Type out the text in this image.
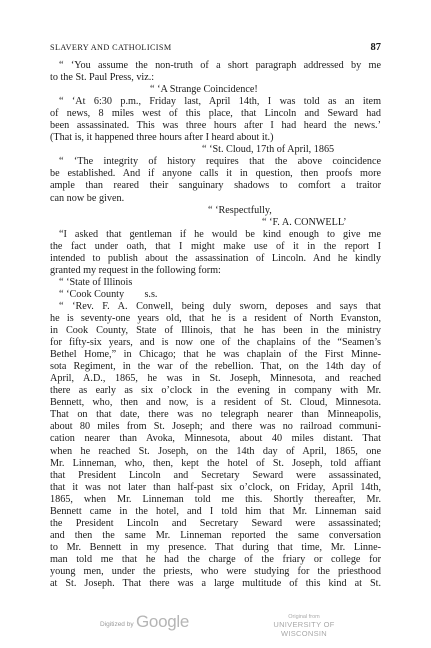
SLAVERY AND CATHOLICISM	87
“ ‘You assume the non-truth of a short paragraph addressed by me
to the St. Paul Press, viz.:
“ ‘A Strange Coincidence!
“ ‘At 6:30 p.m., Friday last, April 14th, I was told as an item
of news, 8 miles west of this place, that Lincoln and Seward had
been assassinated. This was three hours after I had heard the news.’
(That is, it happened three hours after I heard about it.)
“ ‘St. Cloud, 17th of April, 1865
“ ‘The integrity of history requires that the above coincidence
be established. And if anyone calls it in question, then proofs more
ample than reared their sanguinary shadows to comfort a traitor
can now be given.
“ ‘Respectfully,
“ ‘F. A. CONWELL’
“I asked that gentleman if he would be kind enough to give me
the fact under oath, that I might make use of it in the report I
intended to publish about the assassination of Lincoln. And he kindly
granted my request in the following form:
“ ‘State of Illinois
“ ‘Cook County        s.s.
“ ‘Rev. F. A. Conwell, being duly sworn, deposes and says that
he is seventy-one years old, that he is a resident of North Evanston,
in Cook County, State of Illinois, that he has been in the ministry
for fifty-six years, and is now one of the chaplains of the “Seamen’s
Bethel Home,” in Chicago; that he was chaplain of the First Minne-
sota Regiment, in the war of the rebellion. That, on the 14th day of
April, A.D., 1865, he was in St. Joseph, Minnesota, and reached
there as early as six o’clock in the evening in company with Mr.
Bennett, who, then and now, is a resident of St. Cloud, Minnesota.
That on that date, there was no telegraph nearer than Minneapolis,
about 80 miles from St. Joseph; and there was no railroad communi-
cation nearer than Avoka, Minnesota, about 40 miles distant. That
when he reached St. Joseph, on the 14th day of April, 1865, one
Mr. Linneman, who, then, kept the hotel of St. Joseph, told affiant
that President Lincoln and Secretary Seward were assassinated,
that it was not later than half-past six o’clock, on Friday, April 14th,
1865, when Mr. Linneman told me this. Shortly thereafter, Mr.
Bennett came in the hotel, and I told him that Mr. Linneman said
the President Lincoln and Secretary Seward were assassinated;
and then the same Mr. Linneman reported the same conversation
to Mr. Bennett in my presence. That during that time, Mr. Linne-
man told me that he had the charge of the friary or college for
young men, under the priests, who were studying for the priesthood
at St. Joseph. That there was a large multitude of this kind at St.
Digitized by Google	Original from
UNIVERSITY OF WISCONSIN
